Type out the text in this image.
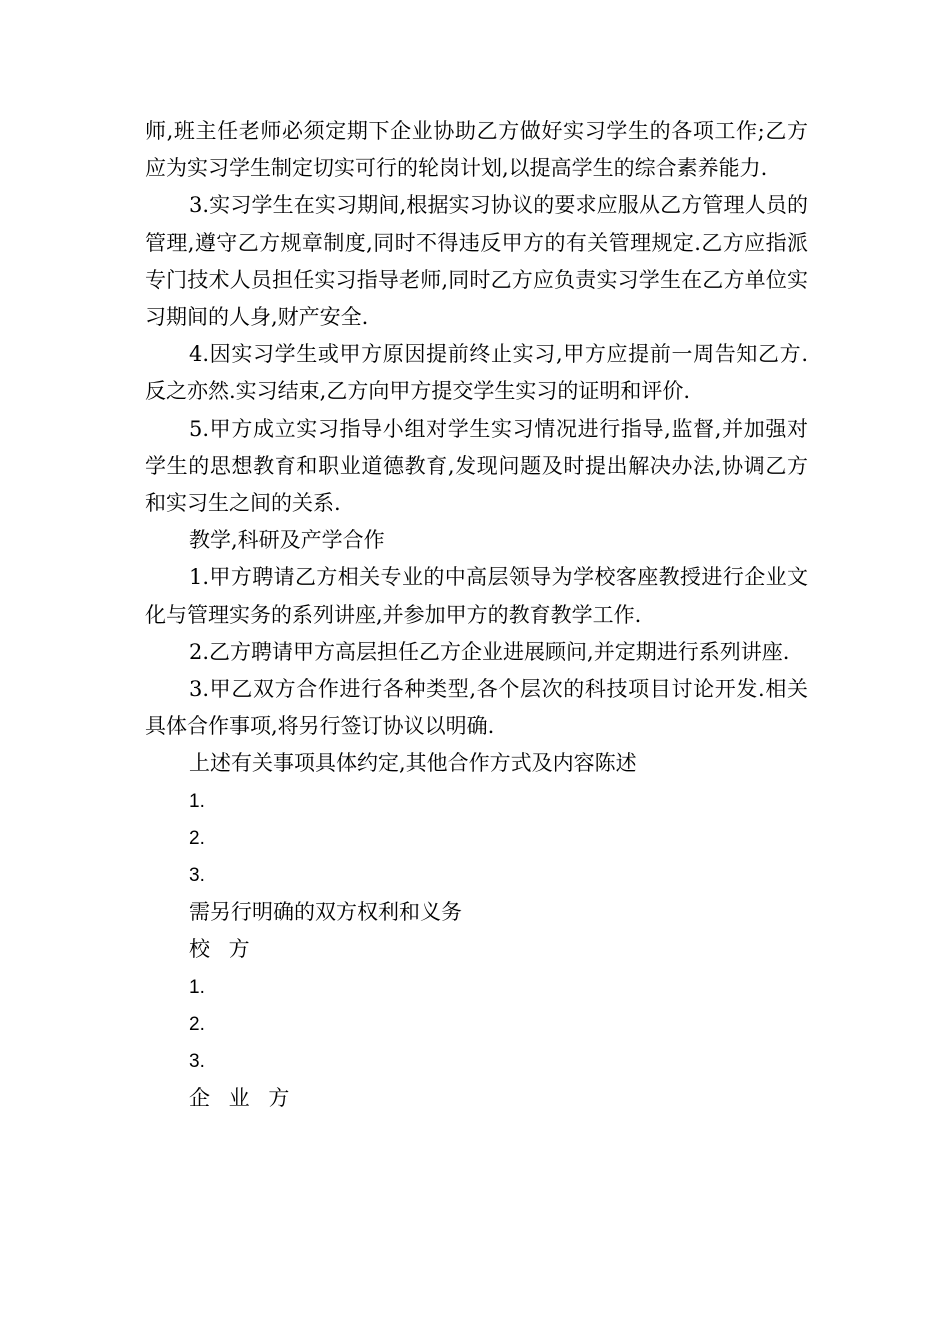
师,班主任老师必须定期下企业协助乙方做好实习学生的各项工作;乙方应为实习学生制定切实可行的轮岗计划,以提高学生的综合素养能力.

3.实习学生在实习期间,根据实习协议的要求应服从乙方管理人员的管理,遵守乙方规章制度,同时不得违反甲方的有关管理规定.乙方应指派专门技术人员担任实习指导老师,同时乙方应负责实习学生在乙方单位实习期间的人身,财产安全.

4.因实习学生或甲方原因提前终止实习,甲方应提前一周告知乙方.反之亦然.实习结束,乙方向甲方提交学生实习的证明和评价.

5.甲方成立实习指导小组对学生实习情况进行指导,监督,并加强对学生的思想教育和职业道德教育,发现问题及时提出解决办法,协调乙方和实习生之间的关系.

教学,科研及产学合作

1.甲方聘请乙方相关专业的中高层领导为学校客座教授进行企业文化与管理实务的系列讲座,并参加甲方的教育教学工作.

2.乙方聘请甲方高层担任乙方企业进展顾问,并定期进行系列讲座.

3.甲乙双方合作进行各种类型,各个层次的科技项目讨论开发.相关具体合作事项,将另行签订协议以明确.

上述有关事项具体约定,其他合作方式及内容陈述

1.

2.

3.

需另行明确的双方权利和义务

校 方

1.

2.

3.

企 业 方
